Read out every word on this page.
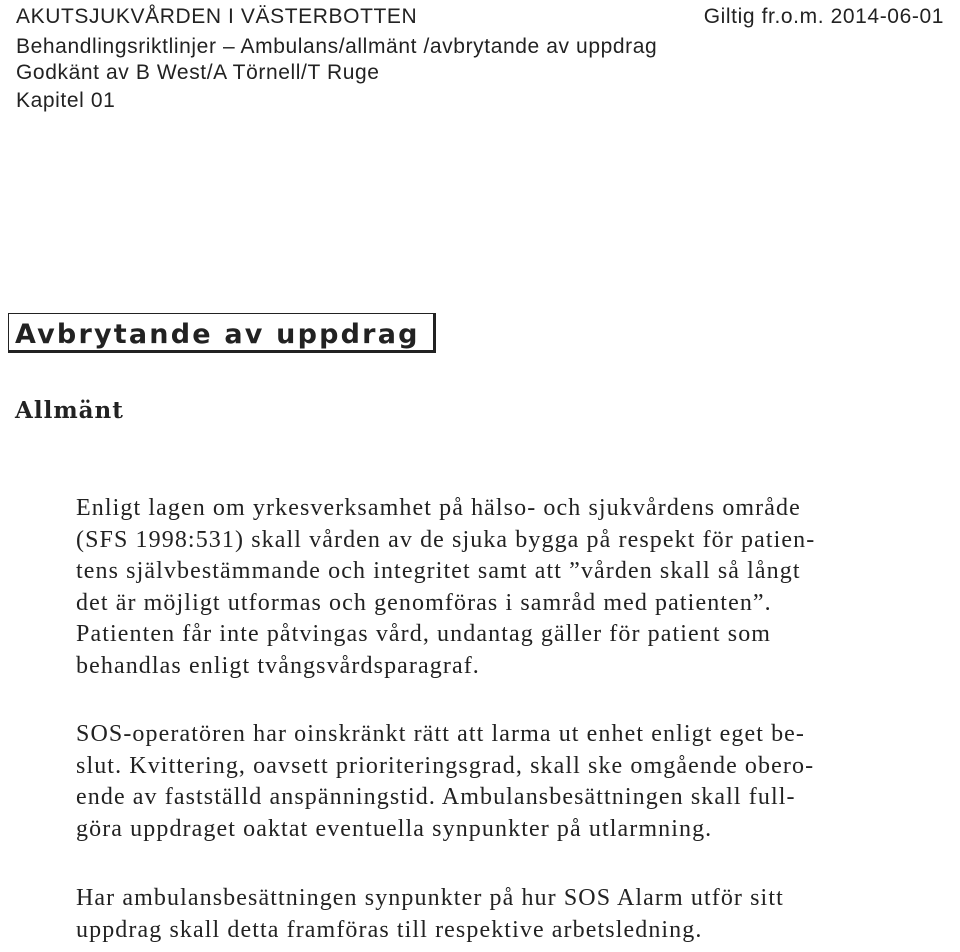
AKUTSJUKVÅRDEN I VÄSTERBOTTEN	Giltig fr.o.m. 2014-06-01
Behandlingsriktlinjer – Ambulans/allmänt /avbrytande av uppdrag
Godkänt av B West/A Törnell/T Ruge
Kapitel 01
Avbrytande av uppdrag
Allmänt
Enligt lagen om yrkesverksamhet på hälso- och sjukvårdens område
(SFS 1998:531) skall vården av de sjuka bygga på respekt för patien-
tens självbestämmande och integritet samt att ”vården skall så långt
det är möjligt utformas och genomföras i samråd med patienten”.
Patienten får inte påtvingas vård, undantag gäller för patient som
behandlas enligt tvångsvårdsparagraf.
SOS-operatören har oinskränkt rätt att larma ut enhet enligt eget be-
slut. Kvittering, oavsett prioriteringsgrad, skall ske omgående obero-
ende av fastställd anspänningstid. Ambulansbesättningen skall full-
göra uppdraget oaktat eventuella synpunkter på utlarmning.
Har ambulansbesättningen synpunkter på hur SOS Alarm utför sitt
uppdrag skall detta framföras till respektive arbetsledning.
